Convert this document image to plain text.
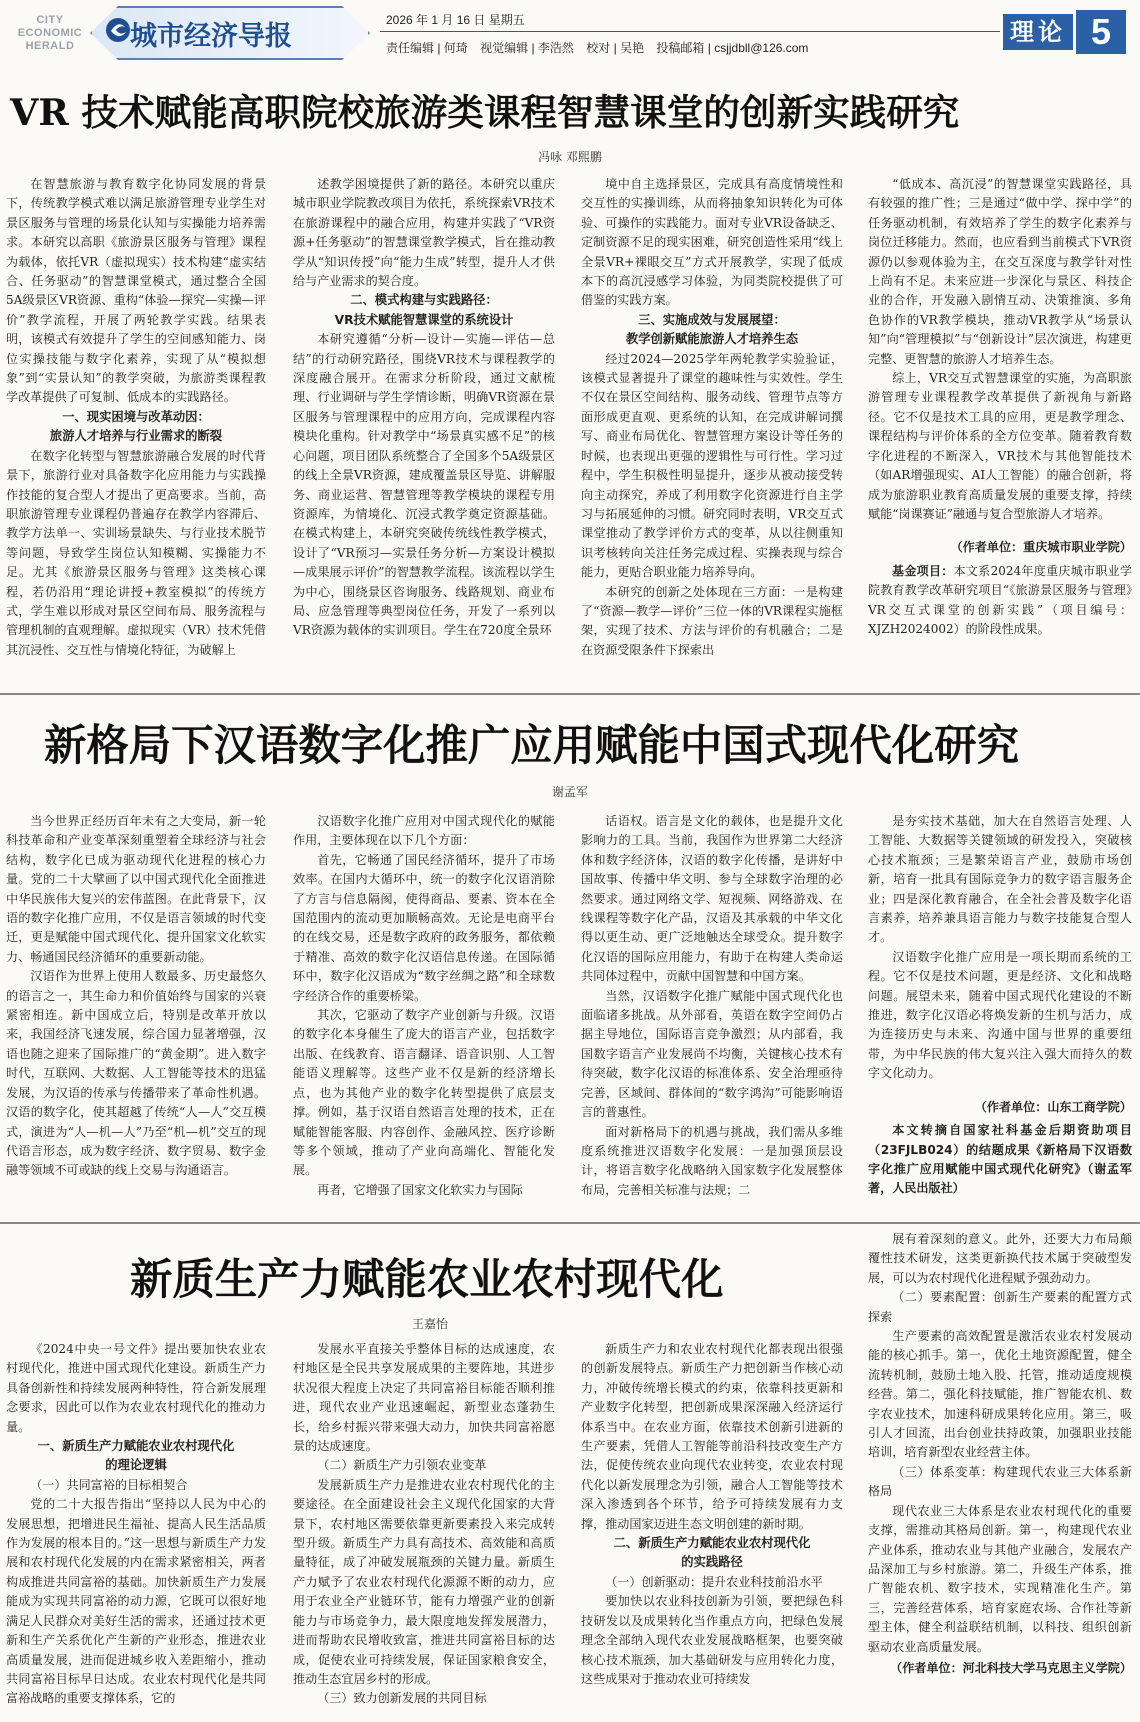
CITY
ECONOMIC
HERALD	城市经济导报
2026 年 1 月 16 日 星期五
责任编辑 | 何琦 视觉编辑 | 李浩然 校对 | 吴艳 投稿邮箱 | csjjdbll@126.com
理论 5
VR 技术赋能高职院校旅游类课程智慧课堂的创新实践研究
冯咏 邓熙鹏

在智慧旅游与教育数字化协同发展的背景下，传统教学模式难以满足旅游管理专业学生对景区服务与管理的场景化认知与实操能力培养需求。本研究以高职《旅游景区服务与管理》课程为载体，依托VR（虚拟现实）技术构建“虚实结合、任务驱动”的智慧课堂模式，通过整合全国5A级景区VR资源、重构“体验—探究—实操—评价”教学流程，开展了两轮教学实践。结果表明，该模式有效提升了学生的空间感知能力、岗位实操技能与数字化素养，实现了从“模拟想象”到“实景认知”的教学突破，为旅游类课程教学改革提供了可复制、低成本的实践路径。

一、现实困境与改革动因：
旅游人才培养与行业需求的断裂

在数字化转型与智慧旅游融合发展的时代背景下，旅游行业对具备数字化应用能力与实践操作技能的复合型人才提出了更高要求。当前，高职旅游管理专业课程仍普遍存在教学内容滞后、教学方法单一、实训场景缺失、与行业技术脱节等问题，导致学生岗位认知模糊、实操能力不足。尤其《旅游景区服务与管理》这类核心课程，若仍沿用“理论讲授+教室模拟”的传统方式，学生难以形成对景区空间布局、服务流程与管理机制的直观理解。虚拟现实（VR）技术凭借其沉浸性、交互性与情境化特征，为破解上

述教学困境提供了新的路径。本研究以重庆城市职业学院教改项目为依托，系统探索VR技术在旅游课程中的融合应用，构建并实践了“VR资源+任务驱动”的智慧课堂教学模式，旨在推动教学从“知识传授”向“能力生成”转型，提升人才供给与产业需求的契合度。

二、模式构建与实践路径：
VR技术赋能智慧课堂的系统设计

本研究遵循“分析—设计—实施—评估—总结”的行动研究路径，围绕VR技术与课程教学的深度融合展开。在需求分析阶段，通过文献梳理、行业调研与学生学情诊断，明确VR资源在景区服务与管理课程中的应用方向，完成课程内容模块化重构。针对教学中“场景真实感不足”的核心问题，项目团队系统整合了全国多个5A级景区的线上全景VR资源，建成覆盖景区导览、讲解服务、商业运营、智慧管理等教学模块的课程专用资源库，为情境化、沉浸式教学奠定资源基础。在模式构建上，本研究突破传统线性教学模式，设计了“VR预习—实景任务分析—方案设计模拟—成果展示评价”的智慧教学流程。该流程以学生为中心，围绕景区咨询服务、线路规划、商业布局、应急管理等典型岗位任务，开发了一系列以VR资源为载体的实训项目。学生在720度全景环

境中自主选择景区，完成具有高度情境性和交互性的实操训练，从而将抽象知识转化为可体验、可操作的实践能力。面对专业VR设备缺乏、定制资源不足的现实困难，研究创造性采用“线上全景VR+裸眼交互”方式开展教学，实现了低成本下的高沉浸感学习体验，为同类院校提供了可借鉴的实践方案。

三、实施成效与发展展望：
教学创新赋能旅游人才培养生态

经过2024—2025学年两轮教学实验验证，该模式显著提升了课堂的趣味性与实效性。学生不仅在景区空间结构、服务动线、管理节点等方面形成更直观、更系统的认知，在完成讲解词撰写、商业布局优化、智慧管理方案设计等任务的时候，也表现出更强的逻辑性与可行性。学习过程中，学生积极性明显提升，逐步从被动接受转向主动探究，养成了利用数字化资源进行自主学习与拓展延伸的习惯。研究同时表明，VR交互式课堂推动了教学评价方式的变革，从以往侧重知识考核转向关注任务完成过程、实操表现与综合能力，更贴合职业能力培养导向。

本研究的创新之处体现在三方面：一是构建了“资源—教学—评价”三位一体的VR课程实施框架，实现了技术、方法与评价的有机融合；二是在资源受限条件下探索出

“低成本、高沉浸”的智慧课堂实践路径，具有较强的推广性；三是通过“做中学、探中学”的任务驱动机制，有效培养了学生的数字化素养与岗位迁移能力。然而，也应看到当前模式下VR资源仍以参观体验为主，在交互深度与教学针对性上尚有不足。未来应进一步深化与景区、科技企业的合作，开发融入剧情互动、决策推演、多角色协作的VR教学模块，推动VR教学从“场景认知”向“管理模拟”与“创新设计”层次演进，构建更完整、更智慧的旅游人才培养生态。

综上，VR交互式智慧课堂的实施，为高职旅游管理专业课程教学改革提供了新视角与新路径。它不仅是技术工具的应用，更是教学理念、课程结构与评价体系的全方位变革。随着教育数字化进程的不断深入，VR技术与其他智能技术（如AR增强现实、AI人工智能）的融合创新，将成为旅游职业教育高质量发展的重要支撑，持续赋能“岗课赛证”融通与复合型旅游人才培养。

（作者单位：重庆城市职业学院）

基金项目：本文系2024年度重庆城市职业学院教育教学改革研究项目“《旅游景区服务与管理》VR交互式课堂的创新实践”（项目编号：XJZH2024002）的阶段性成果。

新格局下汉语数字化推广应用赋能中国式现代化研究
谢孟军

当今世界正经历百年未有之大变局，新一轮科技革命和产业变革深刻重塑着全球经济与社会结构，数字化已成为驱动现代化进程的核心力量。党的二十大擘画了以中国式现代化全面推进中华民族伟大复兴的宏伟蓝图。在此背景下，汉语的数字化推广应用，不仅是语言领域的时代变迁，更是赋能中国式现代化、提升国家文化软实力、畅通国民经济循环的重要新动能。

汉语作为世界上使用人数最多、历史最悠久的语言之一，其生命力和价值始终与国家的兴衰紧密相连。新中国成立后，特别是改革开放以来，我国经济飞速发展，综合国力显著增强，汉语也随之迎来了国际推广的“黄金期”。进入数字时代，互联网、大数据、人工智能等技术的迅猛发展，为汉语的传承与传播带来了革命性机遇。汉语的数字化，使其超越了传统“人—人”交互模式，演进为“人—机—人”乃至“机—机”交互的现代语言形态，成为数字经济、数字贸易、数字金融等领域不可或缺的线上交易与沟通语言。

汉语数字化推广应用对中国式现代化的赋能作用，主要体现在以下几个方面：

首先，它畅通了国民经济循环，提升了市场效率。在国内大循环中，统一的数字化汉语消除了方言与信息隔阂，使得商品、要素、资本在全国范围内的流动更加顺畅高效。无论是电商平台的在线交易，还是数字政府的政务服务，都依赖于精准、高效的数字化汉语信息传递。在国际循环中，数字化汉语成为“数字丝绸之路”和全球数字经济合作的重要桥梁。

其次，它驱动了数字产业创新与升级。汉语的数字化本身催生了庞大的语言产业，包括数字出版、在线教育、语言翻译、语音识别、人工智能语义理解等。这些产业不仅是新的经济增长点，也为其他产业的数字化转型提供了底层支撑。例如，基于汉语自然语言处理的技术，正在赋能智能客服、内容创作、金融风控、医疗诊断等多个领域，推动了产业向高端化、智能化发展。

再者，它增强了国家文化软实力与国际

话语权。语言是文化的载体，也是提升文化影响力的工具。当前，我国作为世界第二大经济体和数字经济体，汉语的数字化传播，是讲好中国故事、传播中华文明、参与全球数字治理的必然要求。通过网络文学、短视频、网络游戏、在线课程等数字化产品，汉语及其承载的中华文化得以更生动、更广泛地触达全球受众。提升数字化汉语的国际应用能力，有助于在构建人类命运共同体过程中，贡献中国智慧和中国方案。

当然，汉语数字化推广赋能中国式现代化也面临诸多挑战。从外部看，英语在数字空间仍占据主导地位，国际语言竞争激烈；从内部看，我国数字语言产业发展尚不均衡，关键核心技术有待突破，数字化汉语的标准体系、安全治理亟待完善，区域间、群体间的“数字鸿沟”可能影响语言的普惠性。

面对新格局下的机遇与挑战，我们需从多维度系统推进汉语数字化发展：一是加强顶层设计，将语言数字化战略纳入国家数字化发展整体布局，完善相关标准与法规；二

是夯实技术基础，加大在自然语言处理、人工智能、大数据等关键领域的研发投入，突破核心技术瓶颈；三是繁荣语言产业，鼓励市场创新，培育一批具有国际竞争力的数字语言服务企业；四是深化教育融合，在全社会普及数字化语言素养，培养兼具语言能力与数字技能复合型人才。

汉语数字化推广应用是一项长期而系统的工程。它不仅是技术问题，更是经济、文化和战略问题。展望未来，随着中国式现代化建设的不断推进，数字化汉语必将焕发新的生机与活力，成为连接历史与未来、沟通中国与世界的重要纽带，为中华民族的伟大复兴注入强大而持久的数字文化动力。

（作者单位：山东工商学院）

本文转摘自国家社科基金后期资助项目（23FJLB024）的结题成果《新格局下汉语数字化推广应用赋能中国式现代化研究》（谢孟军著，人民出版社）

新质生产力赋能农业农村现代化
王嘉怡

《2024中央一号文件》提出要加快农业农村现代化，推进中国式现代化建设。新质生产力具备创新性和持续发展两种特性，符合新发展理念要求，因此可以作为农业农村现代化的推动力量。

一、新质生产力赋能农业农村现代化
的理论逻辑

（一）共同富裕的目标相契合

党的二十大报告指出“坚持以人民为中心的发展思想，把增进民生福祉、提高人民生活品质作为发展的根本目的。”这一思想与新质生产力发展和农村现代化发展的内在需求紧密相关，两者构成推进共同富裕的基础。加快新质生产力发展能成为实现共同富裕的动力源，它既可以很好地满足人民群众对美好生活的需求，还通过技术更新和生产关系优化产生新的产业形态，推进农业高质量发展，进而促进城乡收入差距缩小，推动共同富裕目标早日达成。农业农村现代化是共同富裕战略的重要支撑体系，它的

发展水平直接关乎整体目标的达成速度，农村地区是全民共享发展成果的主要阵地，其进步状况很大程度上决定了共同富裕目标能否顺利推进，现代农业产业迅速崛起，新型业态蓬勃生长，给乡村振兴带来强大动力，加快共同富裕愿景的达成速度。

（二）新质生产力引领农业变革

发展新质生产力是推进农业农村现代化的主要途径。在全面建设社会主义现代化国家的大背景下，农村地区需要依靠更新要素投入来完成转型升级。新质生产力具有高技术、高效能和高质量特征，成了冲破发展瓶颈的关键力量。新质生产力赋予了农业农村现代化源源不断的动力，应用于农业全产业链环节，能有力增强产业的创新能力与市场竞争力，最大限度地发挥发展潜力，进而帮助农民增收致富，推进共同富裕目标的达成，促使农业可持续发展，保证国家粮食安全，推动生态宜居乡村的形成。

（三）致力创新发展的共同目标

新质生产力和农业农村现代化都表现出很强的创新发展特点。新质生产力把创新当作核心动力，冲破传统增长模式的约束，依靠科技更新和产业数字化转型，把创新成果深深融入经济运行体系当中。在农业方面，依靠技术创新引进新的生产要素，凭借人工智能等前沿科技改变生产方法，促使传统农业向现代农业转变，农业农村现代化以新发展理念为引领，融合人工智能等技术深入渗透到各个环节，给予可持续发展有力支撑，推动国家迈进生态文明创建的新时期。

二、新质生产力赋能农业农村现代化
的实践路径

（一）创新驱动：提升农业科技前沿水平

要加快以农业科技创新为引领，要把绿色科技研发以及成果转化当作重点方向，把绿色发展理念全部纳入现代农业发展战略框架，也要突破核心技术瓶颈，加大基础研发与应用转化力度，这些成果对于推动农业可持续发

展有着深刻的意义。此外，还要大力布局颠覆性技术研发，这类更新换代技术属于突破型发展，可以为农村现代化进程赋予强劲动力。

（二）要素配置：创新生产要素的配置方式探索

生产要素的高效配置是激活农业农村发展动能的核心抓手。第一，优化土地资源配置，健全流转机制，鼓励土地入股、托管，推动适度规模经营。第二，强化科技赋能，推广智能农机、数字农业技术，加速科研成果转化应用。第三，吸引人才回流，出台创业扶持政策，加强职业技能培训，培育新型农业经营主体。

（三）体系变革：构建现代农业三大体系新格局

现代农业三大体系是农业农村现代化的重要支撑，需推动其格局创新。第一，构建现代农业产业体系，推动农业与其他产业融合，发展农产品深加工与乡村旅游。第二，升级生产体系，推广智能农机、数字技术，实现精准化生产。第三，完善经营体系，培育家庭农场、合作社等新型主体，健全利益联结机制，以科技、组织创新驱动农业高质量发展。

（作者单位：河北科技大学马克思主义学院）
